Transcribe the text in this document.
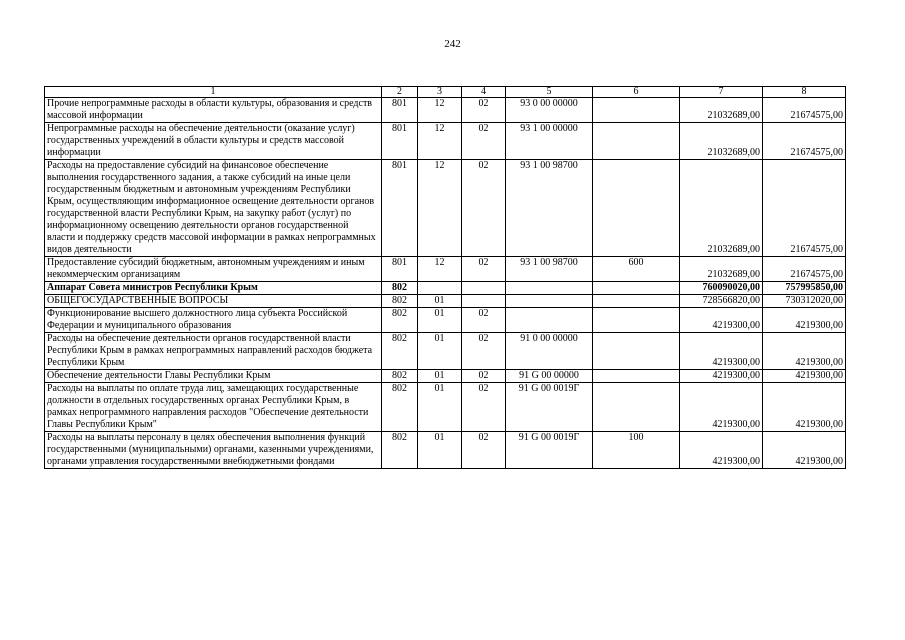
242
1	2	3	4	5	6	7	8
Прочие непрограммные расходы в области культуры, образования и средств массовой информации	801	12	02	93 0 00 00000		21032689,00	21674575,00
Непрограммные расходы на обеспечение деятельности (оказание услуг) государственных учреждений в области культуры и средств массовой информации	801	12	02	93 1 00 00000		21032689,00	21674575,00
Расходы на предоставление субсидий на финансовое обеспечение выполнения государственного задания, а также субсидий на иные цели государственным бюджетным и автономным учреждениям Республики Крым, осуществляющим информационное освещение деятельности органов государственной власти Республики Крым, на закупку работ (услуг) по информационному освещению деятельности органов государственной власти и поддержку средств массовой информации в рамках непрограммных видов деятельности	801	12	02	93 1 00 98700		21032689,00	21674575,00
Предоставление субсидий бюджетным, автономным учреждениям и иным некоммерческим организациям	801	12	02	93 1 00 98700	600	21032689,00	21674575,00
Аппарат Совета министров Республики Крым	802					760090020,00	757995850,00
ОБЩЕГОСУДАРСТВЕННЫЕ ВОПРОСЫ	802	01				728566820,00	730312020,00
Функционирование высшего должностного лица субъекта Российской Федерации и муниципального образования	802	01	02			4219300,00	4219300,00
Расходы на обеспечение деятельности органов государственной власти Республики Крым в рамках непрограммных направлений расходов бюджета Республики Крым	802	01	02	91 0 00 00000		4219300,00	4219300,00
Обеспечение деятельности Главы Республики Крым	802	01	02	91 G 00 00000		4219300,00	4219300,00
Расходы на выплаты по оплате труда лиц, замещающих государственные должности в отдельных государственных органах Республики Крым, в рамках непрограммного направления расходов "Обеспечение деятельности Главы Республики Крым"	802	01	02	91 G 00 0019Г		4219300,00	4219300,00
Расходы на выплаты персоналу в целях обеспечения выполнения функций государственными (муниципальными) органами, казенными учреждениями, органами управления государственными внебюджетными фондами	802	01	02	91 G 00 0019Г	100	4219300,00	4219300,00
